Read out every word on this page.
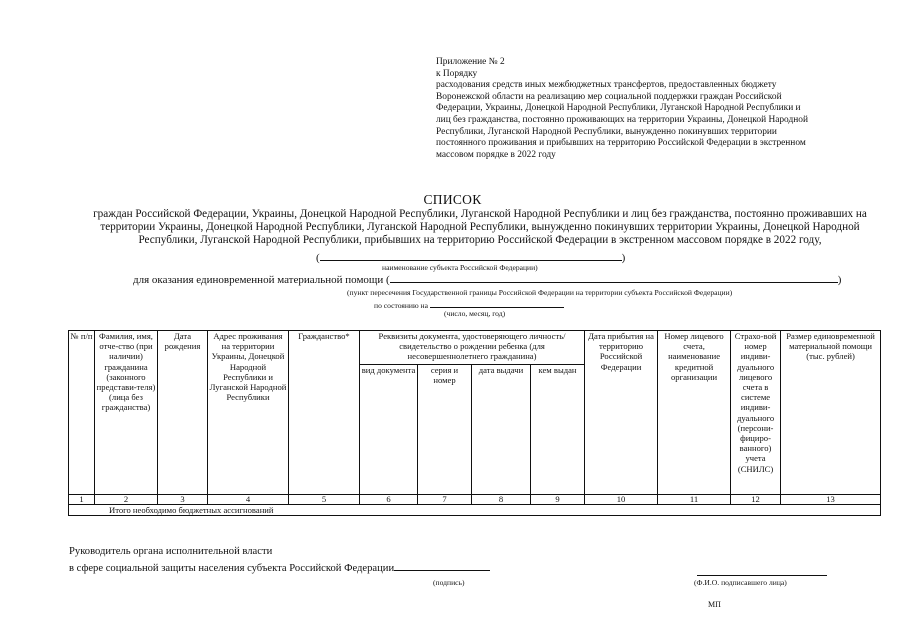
Приложение № 2
к Порядку
расходования средств иных межбюджетных трансфертов, предоставленных бюджету
Воронежской области на реализацию мер социальной поддержки граждан Российской
Федерации, Украины, Донецкой Народной Республики, Луганской Народной Республики и
лиц без гражданства, постоянно проживающих на территории Украины, Донецкой Народной
Республики, Луганской Народной Республики, вынужденно покинувших территории
постоянного проживания и прибывших на территорию Российской Федерации в экстренном
массовом порядке в 2022 году
СПИСОК
граждан Российской Федерации, Украины, Донецкой Народной Республики, Луганской Народной Республики и лиц без гражданства, постоянно проживавших на территории Украины, Донецкой Народной Республики, Луганской Народной Республики, вынужденно покинувших территории Украины, Донецкой Народной Республики, Луганской Народной Республики, прибывших на территорию Российской Федерации в экстренном массовом порядке в 2022 году,
(	)
наименование субъекта Российской Федерации)
для оказания единовременной материальной помощи (	)
(пункт пересечения Государственной границы Российской Федерации на территории субъекта Российской Федерации)
по состоянию на
(число, месяц, год)
№ п/п	Фамилия, имя, отче-ство (при наличии) гражданина (законного представи-теля) (лица без гражданства)	Дата рождения	Адрес проживания на территории Украины, Донецкой Народной Республики и Луганской Народной Республики	Гражданство*	Реквизиты документа, удостоверяющего личность/свидетельство о рождении ребенка (для несовершеннолетнего гражданина)				Дата прибытия на территорию Российской Федерации	Номер лицевого счета, наименование кредитной организации	Страхо-вой номер индиви-дуального лицевого счета в системе индиви-дуального (персони-фициро-ванного) учета (СНИЛС)	Размер единовременной материальной помощи (тыс. рублей)
					вид документа	серия и номер	дата выдачи	кем выдан				
1	2	3	4	5	6	7	8	9	10	11	12	13
Итого необходимо бюджетных ассигнований												
Руководитель органа исполнительной власти
в сфере социальной защиты населения субъекта Российской Федерации
(подпись)	(Ф.И.О. подписавшего лица)
МП
